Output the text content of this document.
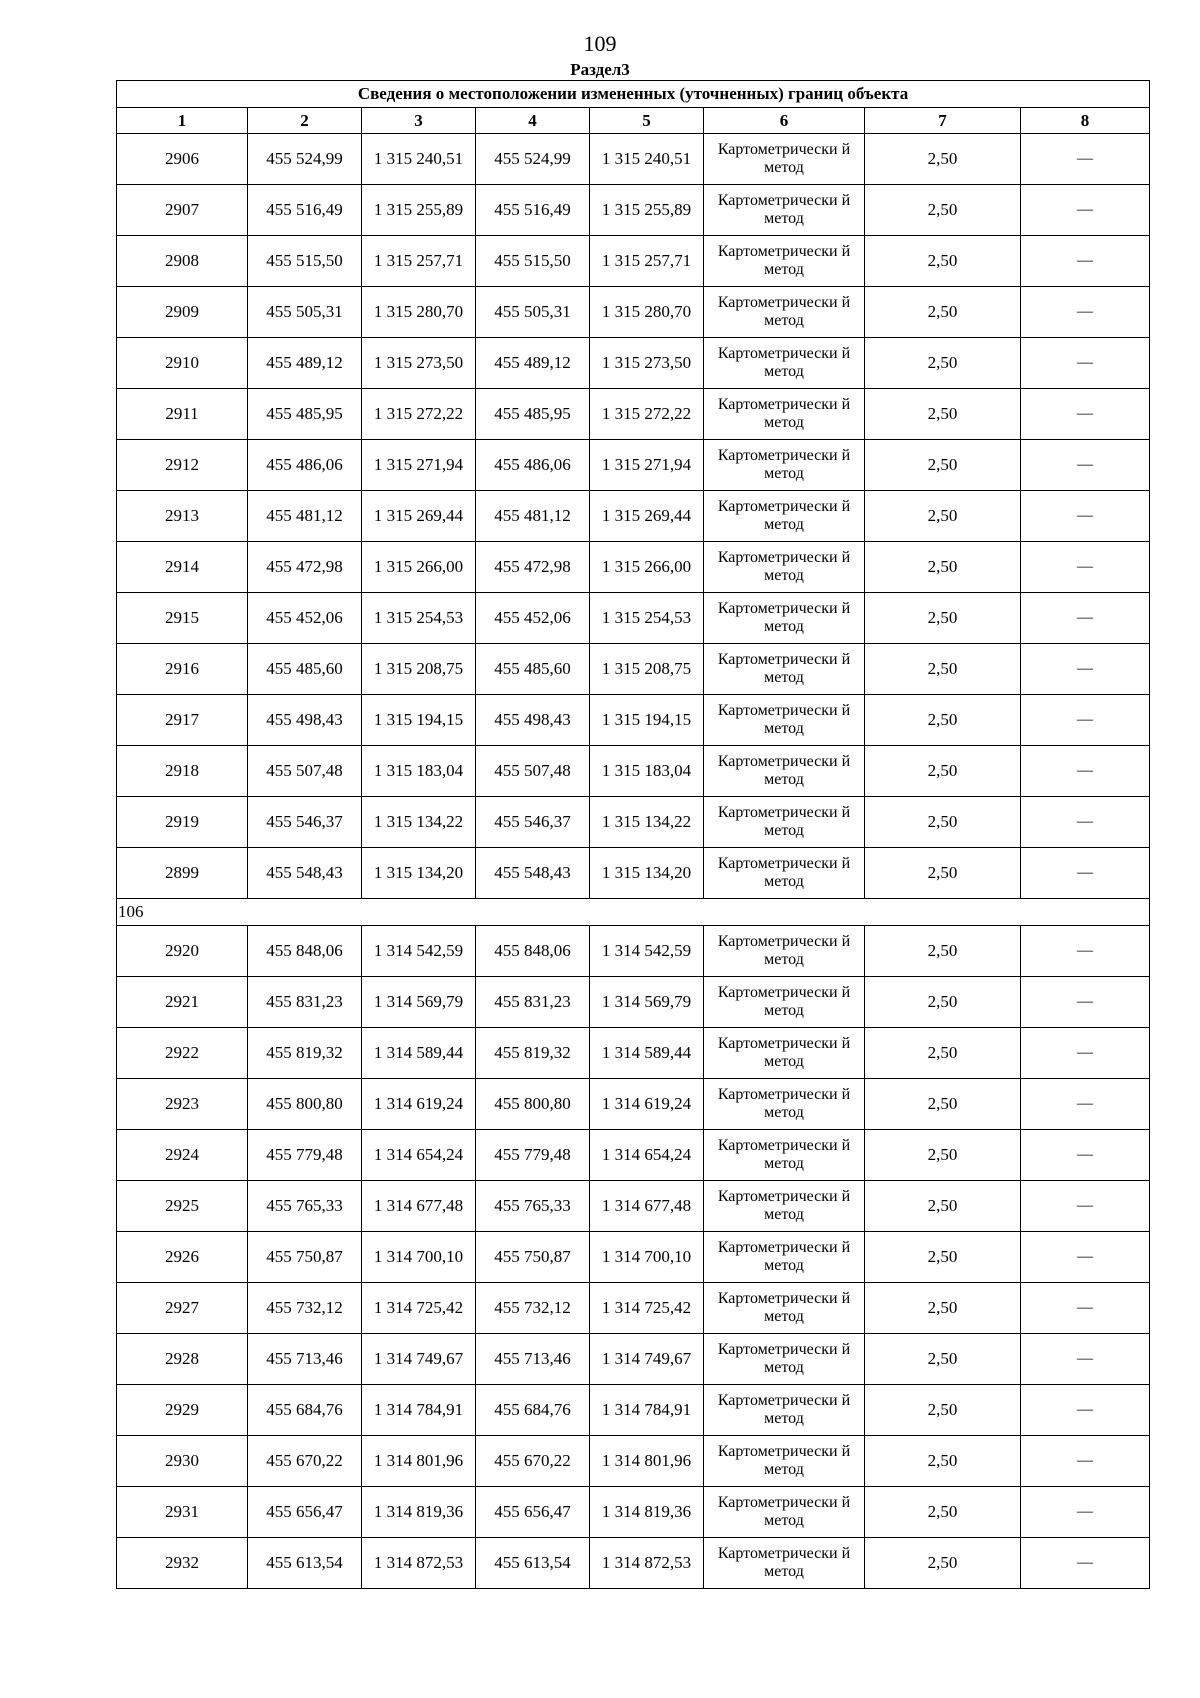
109
Раздел3
Сведения о местоположении измененных (уточненных) границ объекта							
1	2	3	4	5	6	7	8
2906	455 524,99	1 315 240,51	455 524,99	1 315 240,51	Картометрически й метод	2,50	—
2907	455 516,49	1 315 255,89	455 516,49	1 315 255,89	Картометрически й метод	2,50	—
2908	455 515,50	1 315 257,71	455 515,50	1 315 257,71	Картометрически й метод	2,50	—
2909	455 505,31	1 315 280,70	455 505,31	1 315 280,70	Картометрически й метод	2,50	—
2910	455 489,12	1 315 273,50	455 489,12	1 315 273,50	Картометрически й метод	2,50	—
2911	455 485,95	1 315 272,22	455 485,95	1 315 272,22	Картометрически й метод	2,50	—
2912	455 486,06	1 315 271,94	455 486,06	1 315 271,94	Картометрически й метод	2,50	—
2913	455 481,12	1 315 269,44	455 481,12	1 315 269,44	Картометрически й метод	2,50	—
2914	455 472,98	1 315 266,00	455 472,98	1 315 266,00	Картометрически й метод	2,50	—
2915	455 452,06	1 315 254,53	455 452,06	1 315 254,53	Картометрически й метод	2,50	—
2916	455 485,60	1 315 208,75	455 485,60	1 315 208,75	Картометрически й метод	2,50	—
2917	455 498,43	1 315 194,15	455 498,43	1 315 194,15	Картометрически й метод	2,50	—
2918	455 507,48	1 315 183,04	455 507,48	1 315 183,04	Картометрически й метод	2,50	—
2919	455 546,37	1 315 134,22	455 546,37	1 315 134,22	Картометрически й метод	2,50	—
2899	455 548,43	1 315 134,20	455 548,43	1 315 134,20	Картометрически й метод	2,50	—
106							
2920	455 848,06	1 314 542,59	455 848,06	1 314 542,59	Картометрически й метод	2,50	—
2921	455 831,23	1 314 569,79	455 831,23	1 314 569,79	Картометрически й метод	2,50	—
2922	455 819,32	1 314 589,44	455 819,32	1 314 589,44	Картометрически й метод	2,50	—
2923	455 800,80	1 314 619,24	455 800,80	1 314 619,24	Картометрически й метод	2,50	—
2924	455 779,48	1 314 654,24	455 779,48	1 314 654,24	Картометрически й метод	2,50	—
2925	455 765,33	1 314 677,48	455 765,33	1 314 677,48	Картометрически й метод	2,50	—
2926	455 750,87	1 314 700,10	455 750,87	1 314 700,10	Картометрически й метод	2,50	—
2927	455 732,12	1 314 725,42	455 732,12	1 314 725,42	Картометрически й метод	2,50	—
2928	455 713,46	1 314 749,67	455 713,46	1 314 749,67	Картометрически й метод	2,50	—
2929	455 684,76	1 314 784,91	455 684,76	1 314 784,91	Картометрически й метод	2,50	—
2930	455 670,22	1 314 801,96	455 670,22	1 314 801,96	Картометрически й метод	2,50	—
2931	455 656,47	1 314 819,36	455 656,47	1 314 819,36	Картометрически й метод	2,50	—
2932	455 613,54	1 314 872,53	455 613,54	1 314 872,53	Картометрически й метод	2,50	—
